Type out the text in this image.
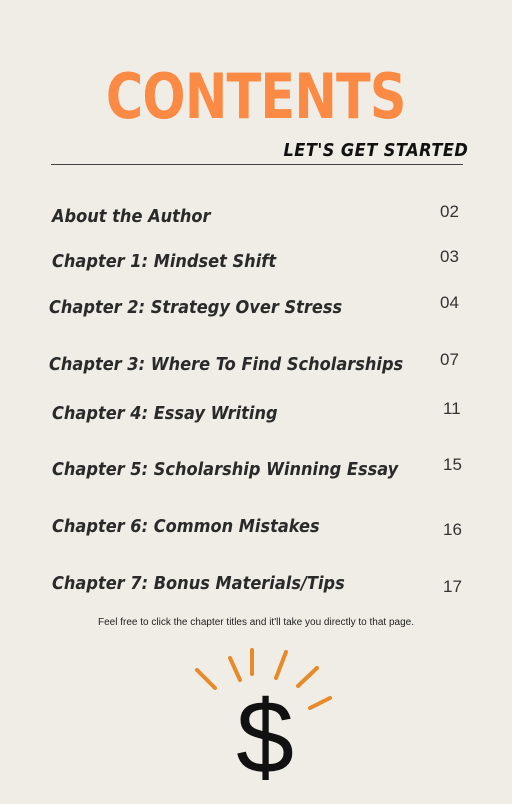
CONTENTS
LET'S GET STARTED
About the Author	02
Chapter 1: Mindset Shift	03
Chapter 2: Strategy Over Stress	04
Chapter 3: Where To Find Scholarships 07
Chapter 4: Essay Writing	11
Chapter 5: Scholarship Winning Essay	15
Chapter 6: Common Mistakes	16
Chapter 7: Bonus Materials/Tips	17
Feel free to click the chapter titles and it'll take you directly to that page.
$
